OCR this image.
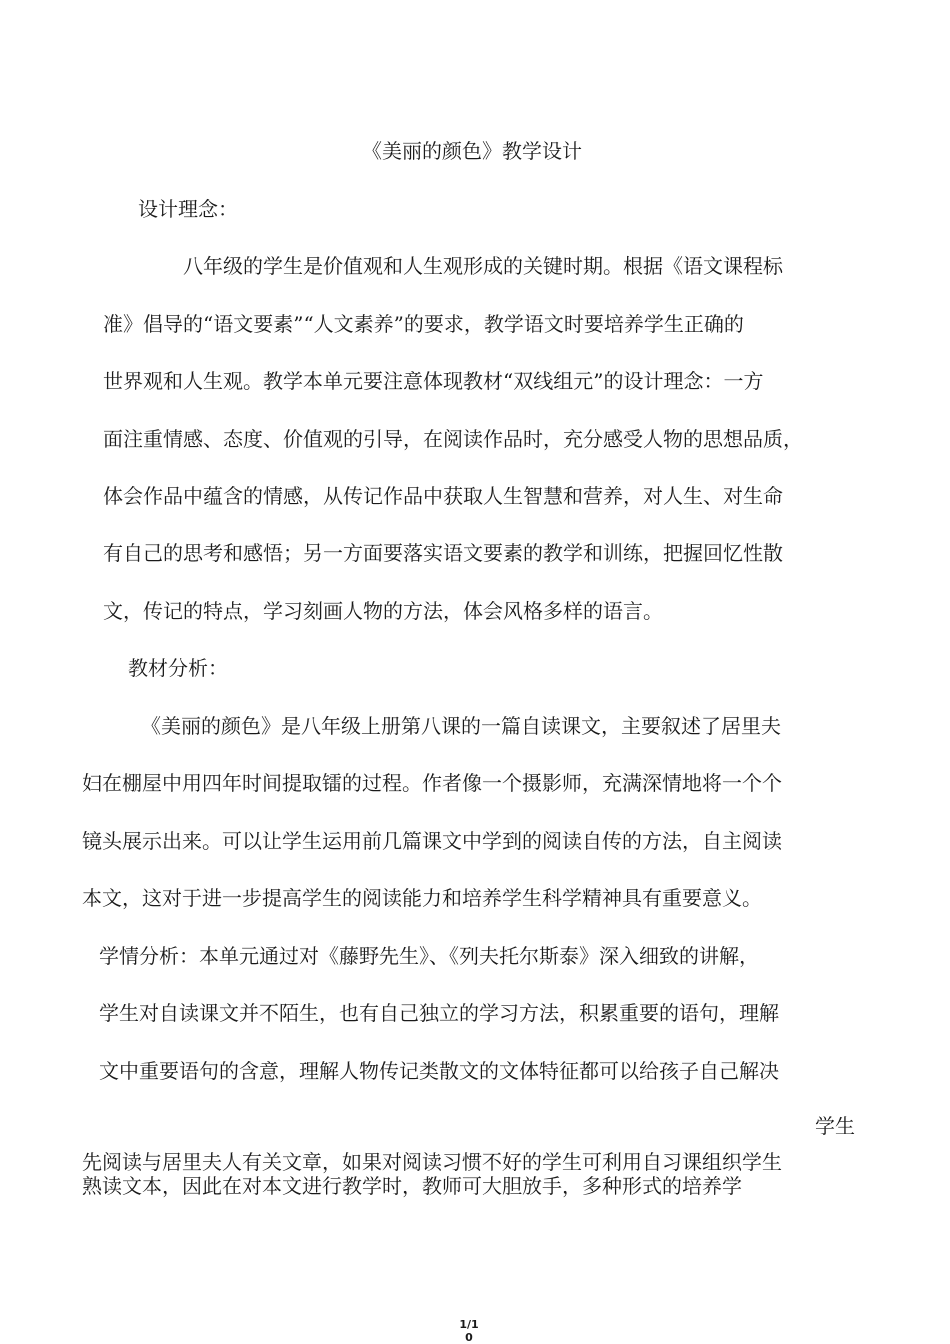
《美丽的颜色》教学设计
设计理念：
八年级的学生是价值观和人生观形成的关键时期。根据《语文课程标
准》倡导的“语文要素”“人文素养”的要求，教学语文时要培养学生正确的
世界观和人生观。教学本单元要注意体现教材“双线组元”的设计理念：一方
面注重情感、态度、价值观的引导，在阅读作品时，充分感受人物的思想品质，
体会作品中蕴含的情感，从传记作品中获取人生智慧和营养，对人生、对生命
有自己的思考和感悟；另一方面要落实语文要素的教学和训练，把握回忆性散
文，传记的特点，学习刻画人物的方法，体会风格多样的语言。
教材分析：
《美丽的颜色》是八年级上册第八课的一篇自读课文，主要叙述了居里夫
妇在棚屋中用四年时间提取镭的过程。作者像一个摄影师，充满深情地将一个个
镜头展示出来。可以让学生运用前几篇课文中学到的阅读自传的方法，自主阅读
本文，这对于进一步提高学生的阅读能力和培养学生科学精神具有重要意义。
学情分析：本单元通过对《藤野先生》、《列夫托尔斯泰》深入细致的讲解，
学生对自读课文并不陌生，也有自己独立的学习方法，积累重要的语句，理解
文中重要语句的含意，理解人物传记类散文的文体特征都可以给孩子自己解决
学生
先阅读与居里夫人有关文章，如果对阅读习惯不好的学生可利用自习课组织学生
熟读文本，因此在对本文进行教学时，教师可大胆放手，多种形式的培养学
1/10
